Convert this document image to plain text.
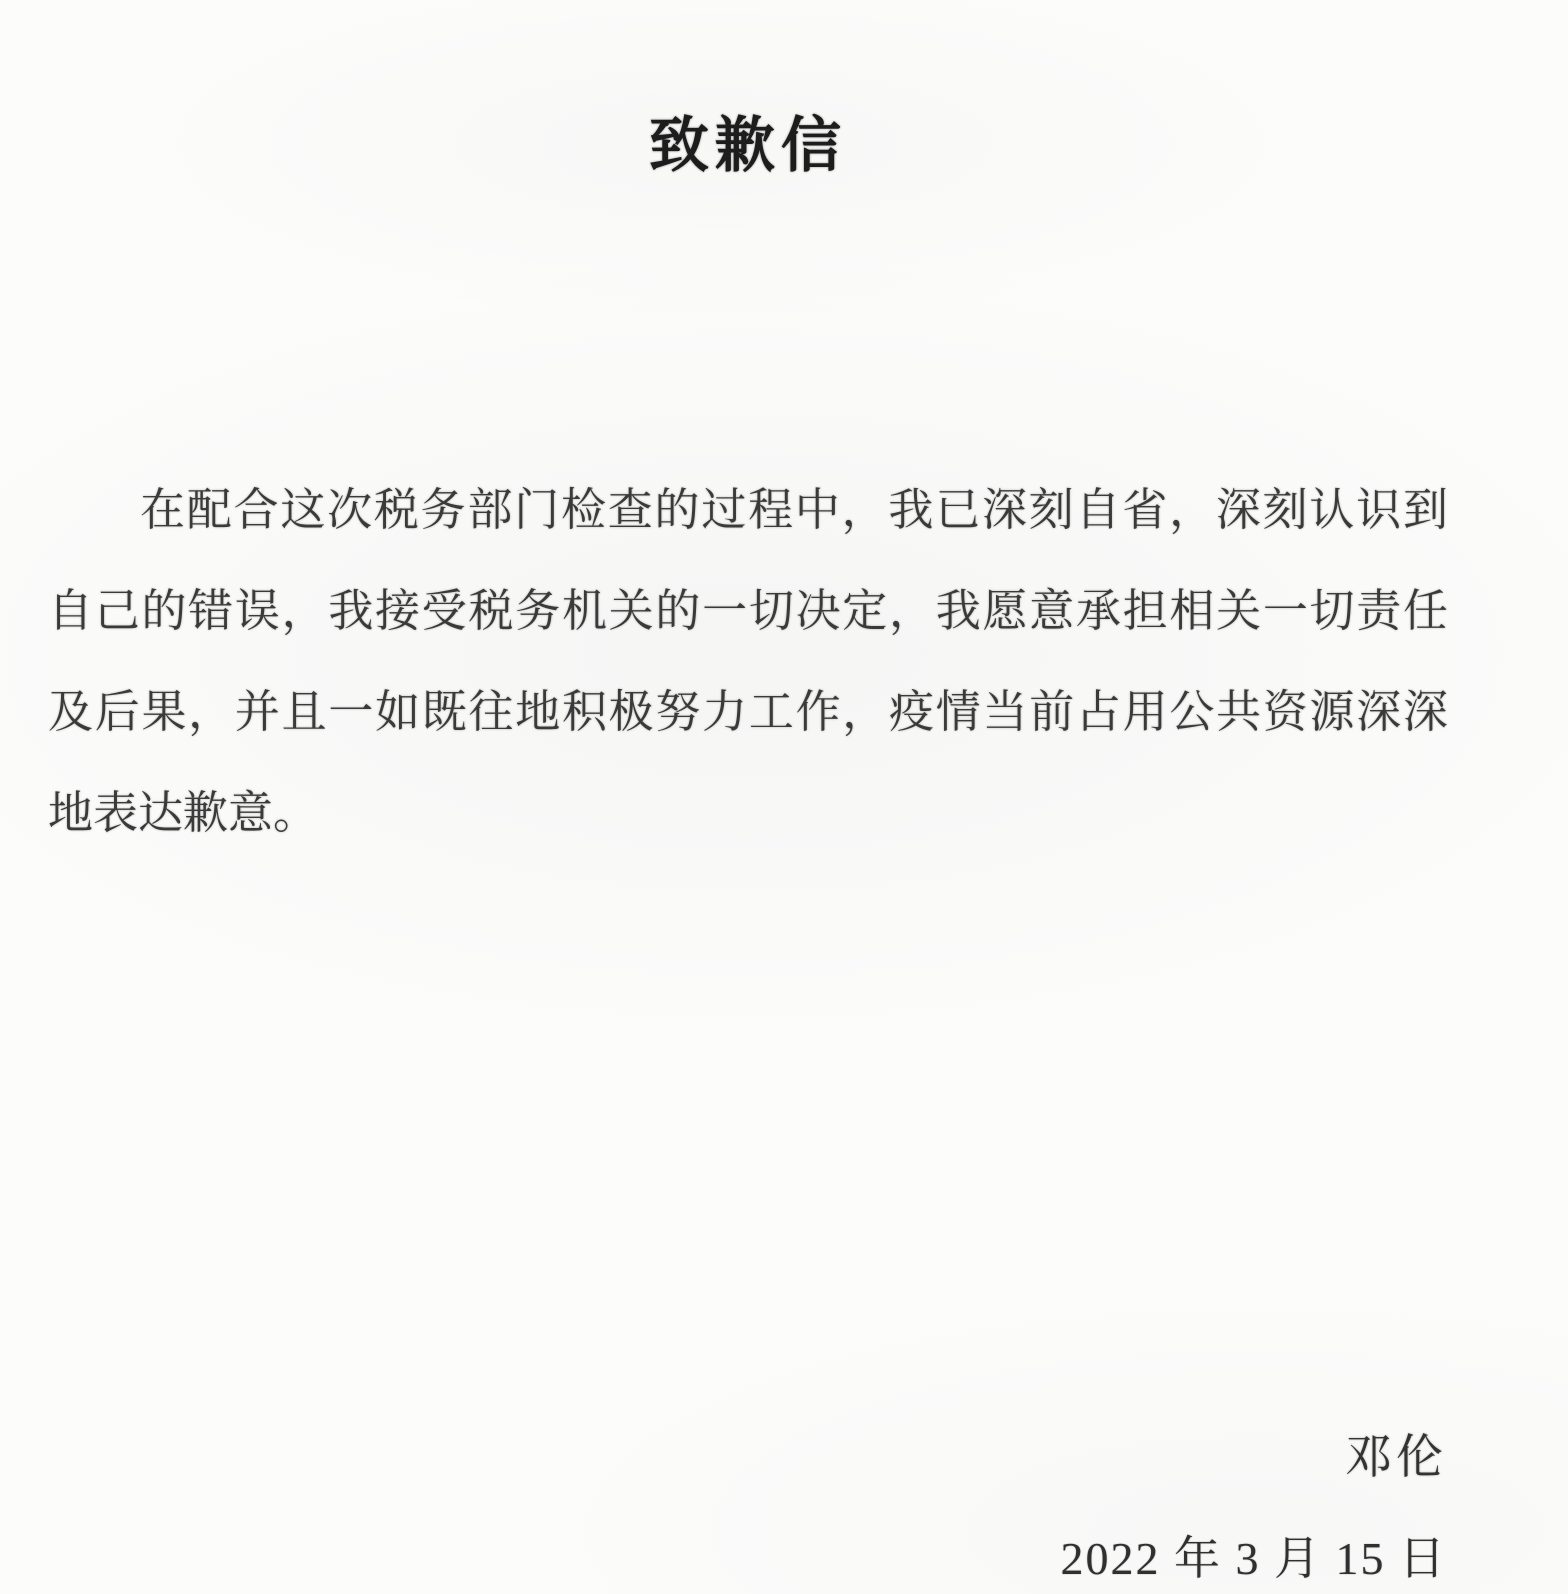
致歉信
在配合这次税务部门检查的过程中，我已深刻自省，深刻认识到
自己的错误，我接受税务机关的一切决定，我愿意承担相关一切责任
及后果，并且一如既往地积极努力工作，疫情当前占用公共资源深深
地表达歉意。
邓伦
2022 年 3 月 15 日
